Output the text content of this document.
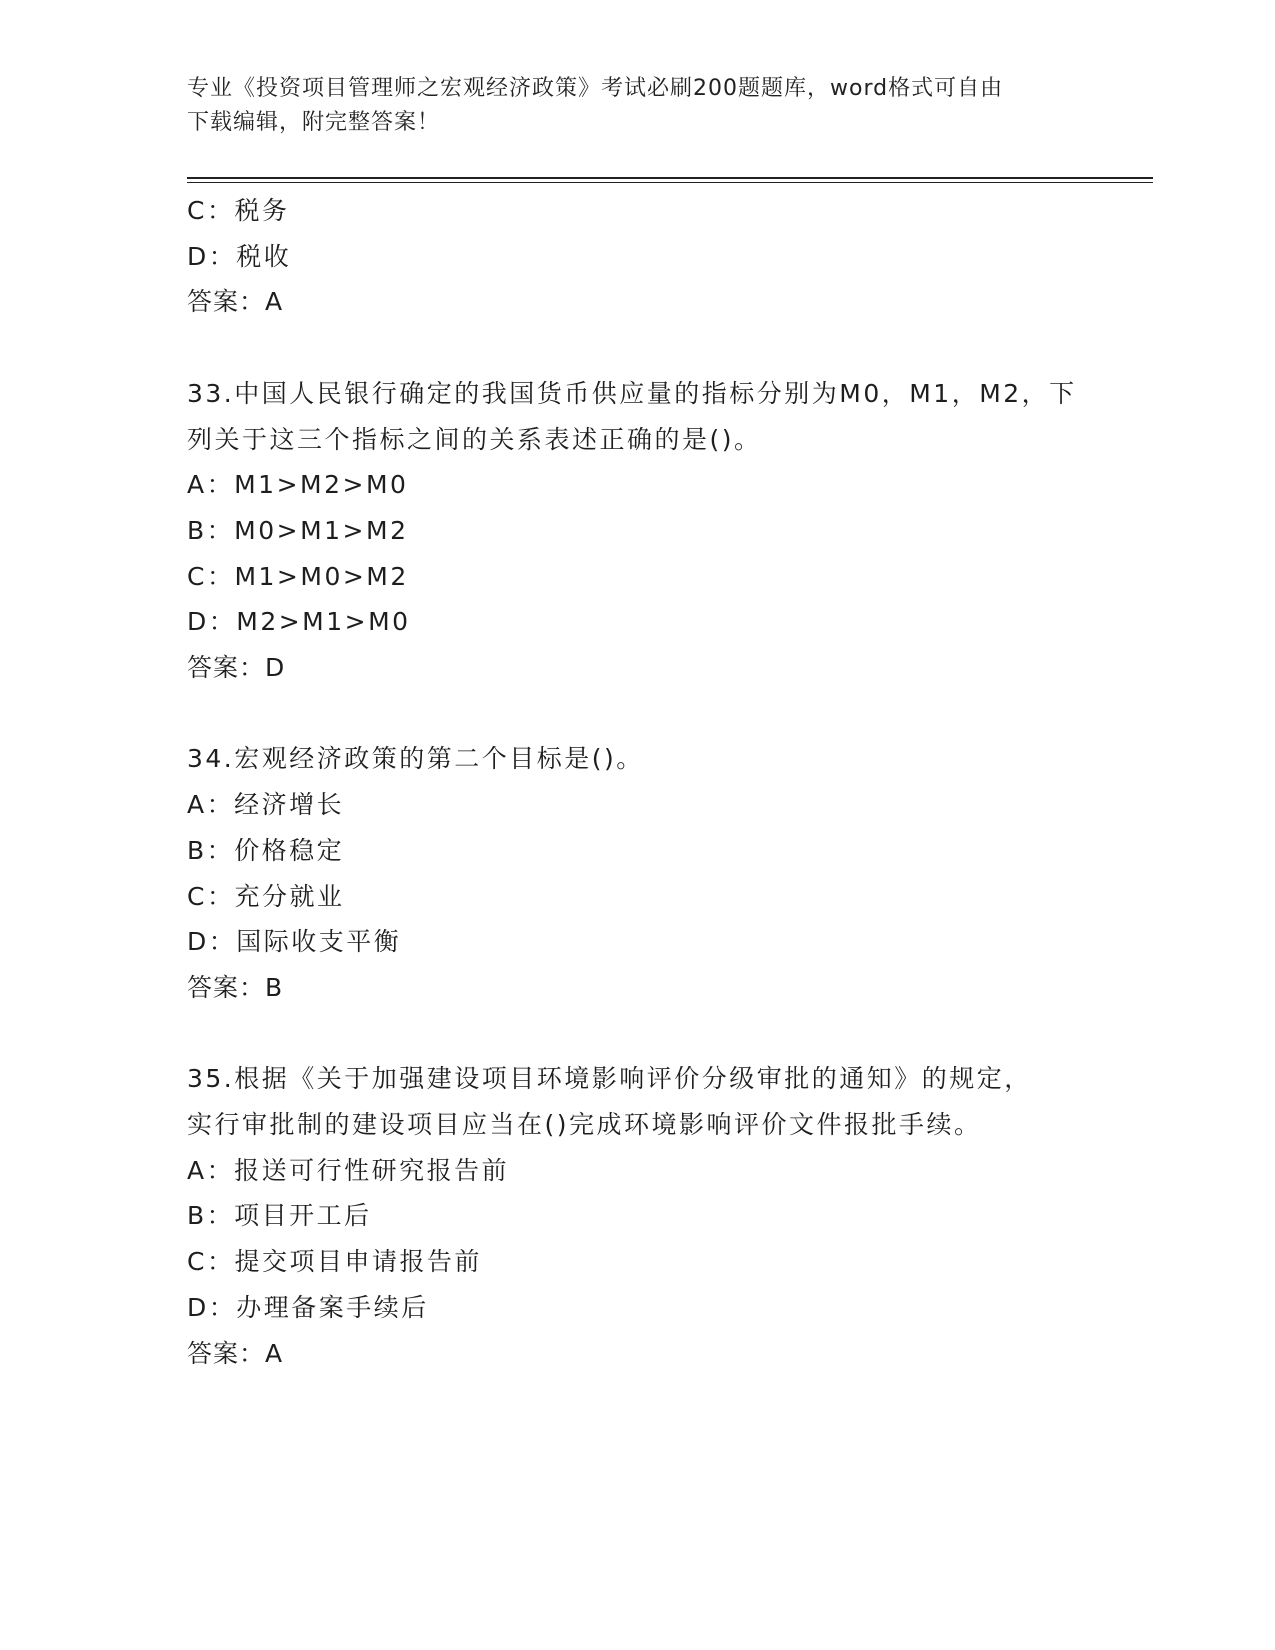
专业《投资项目管理师之宏观经济政策》考试必刷200题题库，word格式可自由
下载编辑，附完整答案！
C：税务
D：税收
答案：A
33.中国人民银行确定的我国货币供应量的指标分别为M0，M1，M2，下
列关于这三个指标之间的关系表述正确的是()。
A：M1>M2>M0
B：M0>M1>M2
C：M1>M0>M2
D：M2>M1>M0
答案：D
34.宏观经济政策的第二个目标是()。
A：经济增长
B：价格稳定
C：充分就业
D：国际收支平衡
答案：B
35.根据《关于加强建设项目环境影响评价分级审批的通知》的规定，
实行审批制的建设项目应当在()完成环境影响评价文件报批手续。
A：报送可行性研究报告前
B：项目开工后
C：提交项目申请报告前
D：办理备案手续后
答案：A
